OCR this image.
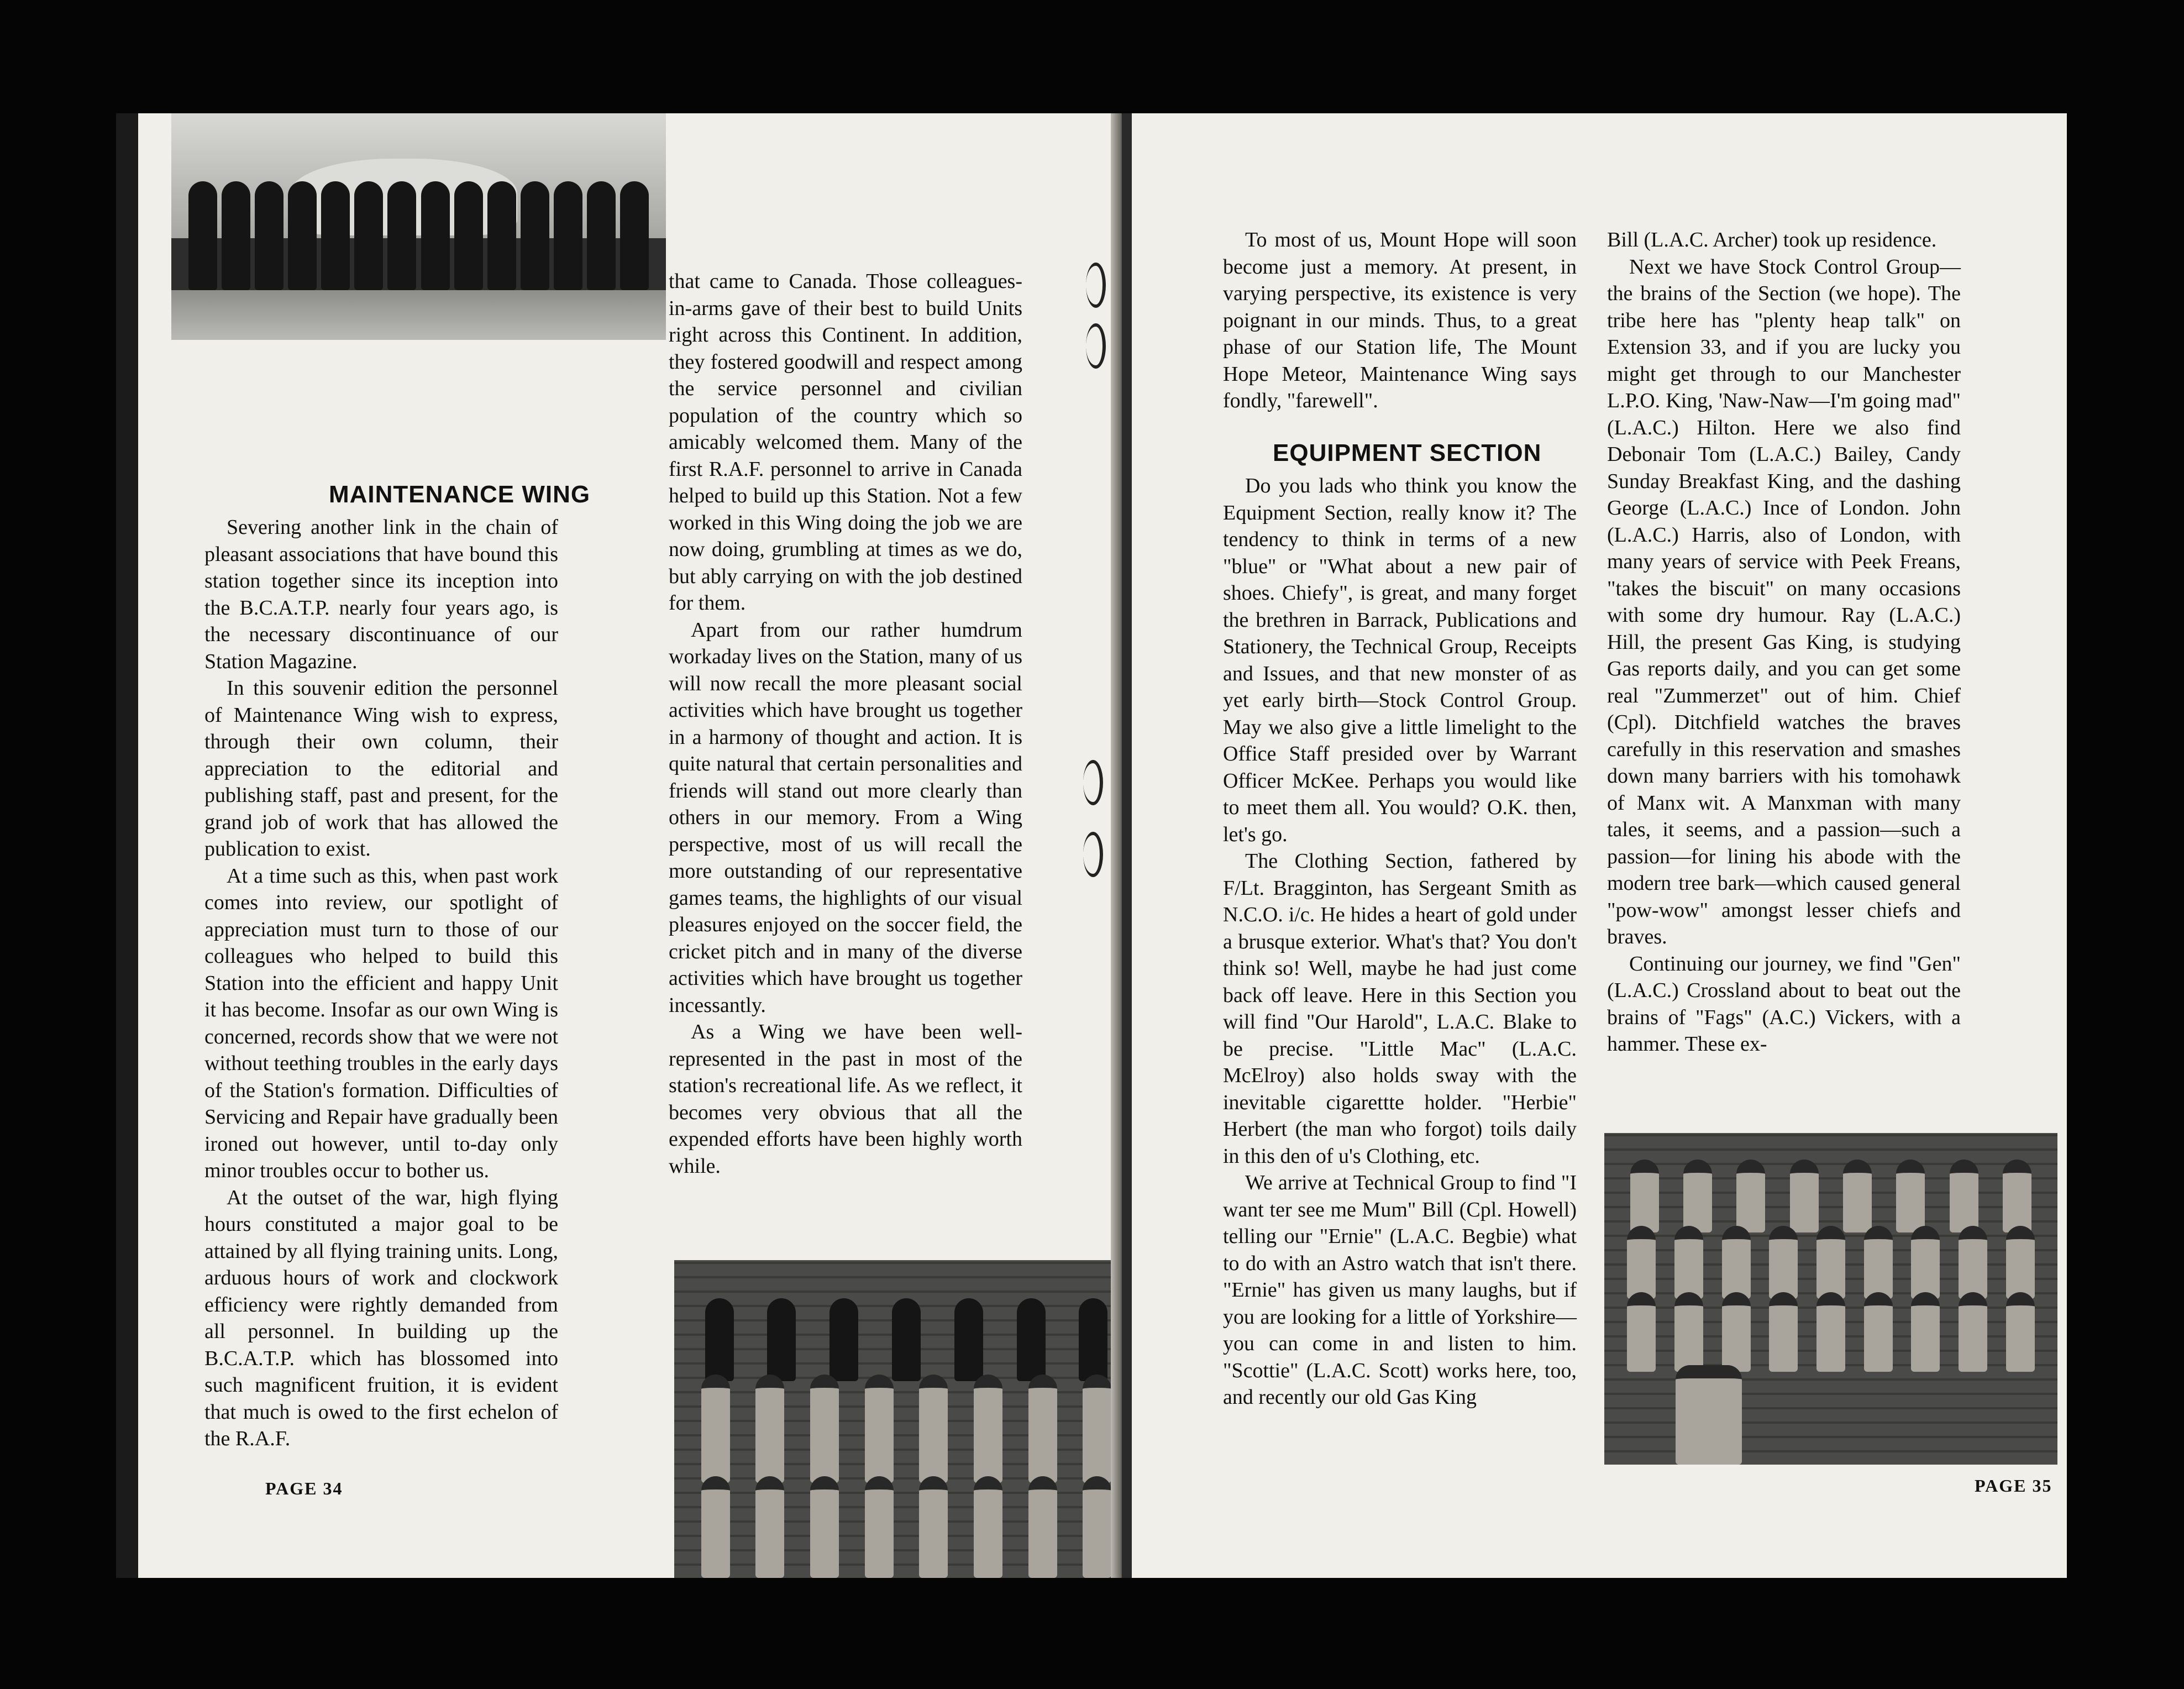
MAINTENANCE WING

Severing another link in the chain of pleasant associations that have bound this station together since its inception into the B.C.A.T.P. nearly four years ago, is the necessary discontinuance of our Station Magazine.

In this souvenir edition the personnel of Maintenance Wing wish to express, through their own column, their appreciation to the editorial and publishing staff, past and present, for the grand job of work that has allowed the publication to exist.

At a time such as this, when past work comes into review, our spotlight of appreciation must turn to those of our colleagues who helped to build this Station into the efficient and happy Unit it has become. Insofar as our own Wing is concerned, records show that we were not without teething troubles in the early days of the Station's formation. Difficulties of Servicing and Repair have gradually been ironed out however, until to-day only minor troubles occur to bother us.

At the outset of the war, high flying hours constituted a major goal to be attained by all flying training units. Long, arduous hours of work and clockwork efficiency were rightly demanded from all personnel. In building up the B.C.A.T.P. which has blossomed into such magnificent fruition, it is evident that much is owed to the first echelon of the R.A.F.

that came to Canada. Those colleagues-in-arms gave of their best to build Units right across this Continent. In addition, they fostered goodwill and respect among the service personnel and civilian population of the country which so amicably welcomed them. Many of the first R.A.F. personnel to arrive in Canada helped to build up this Station. Not a few worked in this Wing doing the job we are now doing, grumbling at times as we do, but ably carrying on with the job destined for them.

Apart from our rather humdrum workaday lives on the Station, many of us will now recall the more pleasant social activities which have brought us together in a harmony of thought and action. It is quite natural that certain personalities and friends will stand out more clearly than others in our memory. From a Wing perspective, most of us will recall the more outstanding of our representative games teams, the highlights of our visual pleasures enjoyed on the soccer field, the cricket pitch and in many of the diverse activities which have brought us together incessantly.

As a Wing we have been well-represented in the past in most of the station's recreational life. As we reflect, it becomes very obvious that all the expended efforts have been highly worth while.

PAGE 34

To most of us, Mount Hope will soon become just a memory. At present, in varying perspective, its existence is very poignant in our minds. Thus, to a great phase of our Station life, The Mount Hope Meteor, Maintenance Wing says fondly, "farewell".

EQUIPMENT SECTION

Do you lads who think you know the Equipment Section, really know it? The tendency to think in terms of a new "blue" or "What about a new pair of shoes. Chiefy", is great, and many forget the brethren in Barrack, Publications and Stationery, the Technical Group, Receipts and Issues, and that new monster of as yet early birth—Stock Control Group. May we also give a little limelight to the Office Staff presided over by Warrant Officer McKee. Perhaps you would like to meet them all. You would? O.K. then, let's go.

The Clothing Section, fathered by F/Lt. Bragginton, has Sergeant Smith as N.C.O. i/c. He hides a heart of gold under a brusque exterior. What's that? You don't think so! Well, maybe he had just come back off leave. Here in this Section you will find "Our Harold", L.A.C. Blake to be precise. "Little Mac" (L.A.C. McElroy) also holds sway with the inevitable cigarettte holder. "Herbie" Herbert (the man who forgot) toils daily in this den of u's Clothing, etc.

We arrive at Technical Group to find "I want ter see me Mum" Bill (Cpl. Howell) telling our "Ernie" (L.A.C. Begbie) what to do with an Astro watch that isn't there. "Ernie" has given us many laughs, but if you are looking for a little of Yorkshire—you can come in and listen to him. "Scottie" (L.A.C. Scott) works here, too, and recently our old Gas King

Bill (L.A.C. Archer) took up residence.

Next we have Stock Control Group—the brains of the Section (we hope). The tribe here has "plenty heap talk" on Extension 33, and if you are lucky you might get through to our Manchester L.P.O. King, 'Naw-Naw—I'm going mad" (L.A.C.) Hilton. Here we also find Debonair Tom (L.A.C.) Bailey, Candy Sunday Breakfast King, and the dashing George (L.A.C.) Ince of London. John (L.A.C.) Harris, also of London, with many years of service with Peek Freans, "takes the biscuit" on many occasions with some dry humour. Ray (L.A.C.) Hill, the present Gas King, is studying Gas reports daily, and you can get some real "Zummerzet" out of him. Chief (Cpl). Ditchfield watches the braves carefully in this reservation and smashes down many barriers with his tomohawk of Manx wit. A Manxman with many tales, it seems, and a passion—such a passion—for lining his abode with the modern tree bark—which caused general "pow-wow" amongst lesser chiefs and braves.

Continuing our journey, we find "Gen" (L.A.C.) Crossland about to beat out the brains of "Fags" (A.C.) Vickers, with a hammer. These ex-

PAGE 35
